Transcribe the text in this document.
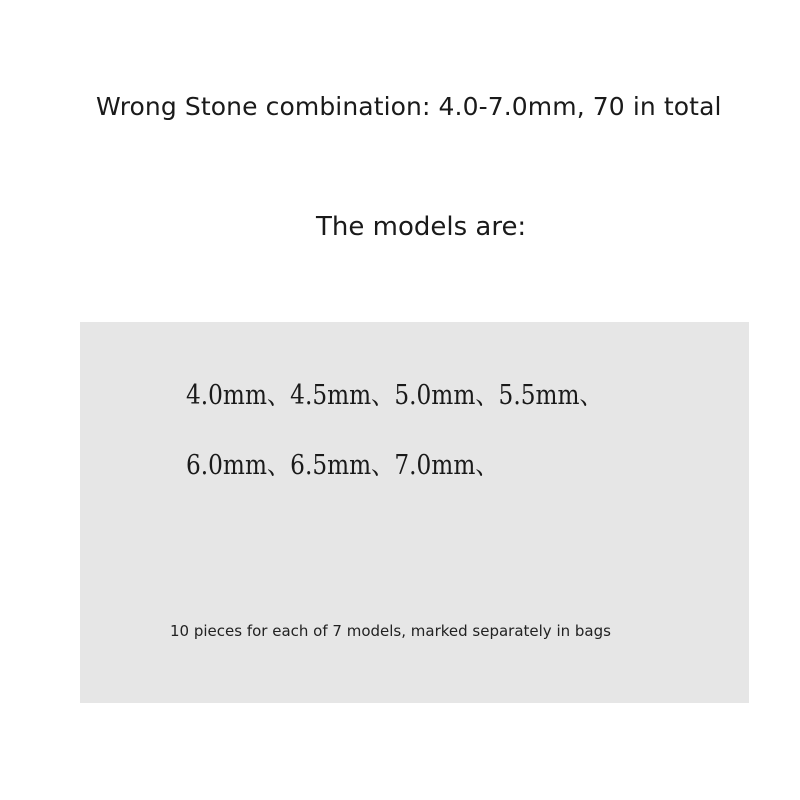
Wrong Stone combination: 4.0-7.0mm, 70 in total
The models are:
4.0mm、4.5mm、5.0mm、5.5mm、
6.0mm、6.5mm、7.0mm、
10 pieces for each of 7 models, marked separately in bags
